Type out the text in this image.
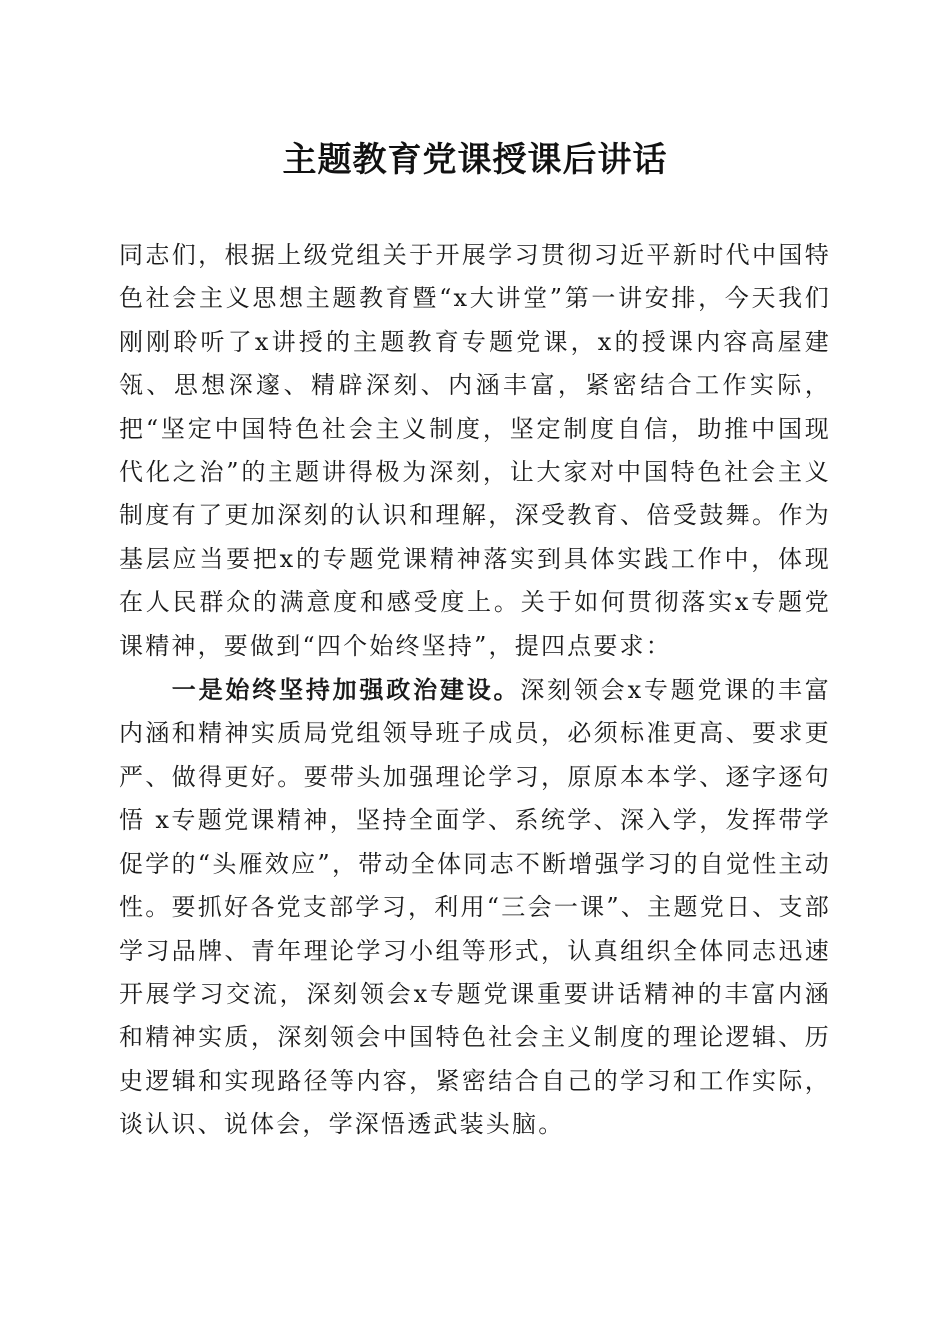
主题教育党课授课后讲话

同志们，根据上级党组关于开展学习贯彻习近平新时代中国特色社会主义思想主题教育暨“x大讲堂”第一讲安排，今天我们刚刚聆听了x讲授的主题教育专题党课，x的授课内容高屋建瓴、思想深邃、精辟深刻、内涵丰富，紧密结合工作实际，把“坚定中国特色社会主义制度，坚定制度自信，助推中国现代化之治”的主题讲得极为深刻，让大家对中国特色社会主义制度有了更加深刻的认识和理解，深受教育、倍受鼓舞。作为基层应当要把x的专题党课精神落实到具体实践工作中，体现在人民群众的满意度和感受度上。关于如何贯彻落实x专题党课精神，要做到“四个始终坚持”，提四点要求：

一是始终坚持加强政治建设。深刻领会x专题党课的丰富内涵和精神实质局党组领导班子成员，必须标准更高、要求更严、做得更好。要带头加强理论学习，原原本本学、逐字逐句悟 x专题党课精神，坚持全面学、系统学、深入学，发挥带学促学的“头雁效应”，带动全体同志不断增强学习的自觉性主动性。要抓好各党支部学习，利用“三会一课”、主题党日、支部学习品牌、青年理论学习小组等形式，认真组织全体同志迅速开展学习交流，深刻领会x专题党课重要讲话精神的丰富内涵和精神实质，深刻领会中国特色社会主义制度的理论逻辑、历史逻辑和实现路径等内容，紧密结合自己的学习和工作实际，谈认识、说体会，学深悟透武装头脑。
